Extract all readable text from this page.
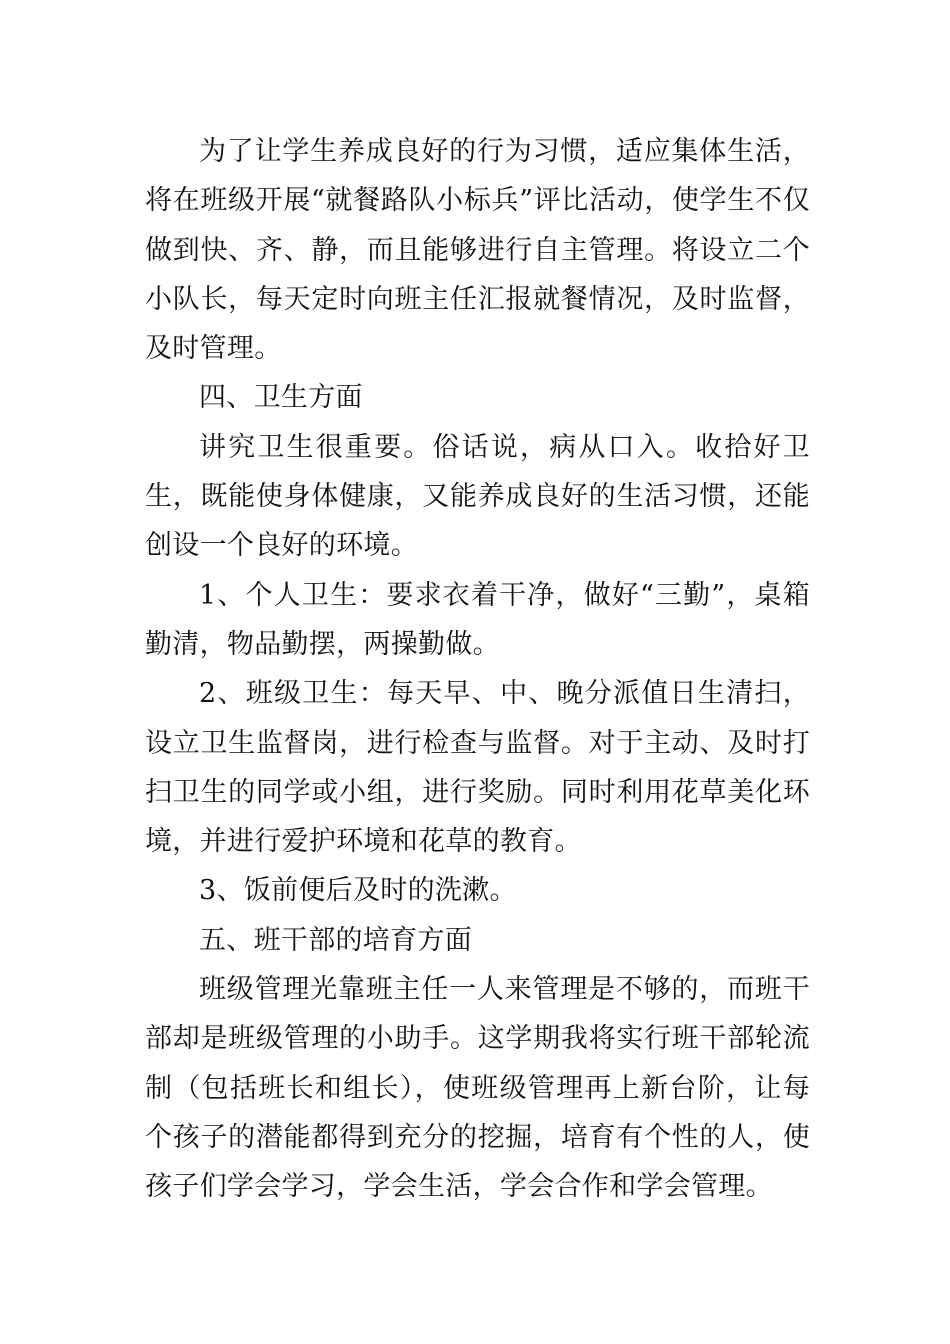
为了让学生养成良好的行为习惯，适应集体生活，将在班级开展“就餐路队小标兵”评比活动，使学生不仅做到快、齐、静，而且能够进行自主管理。将设立二个小队长，每天定时向班主任汇报就餐情况，及时监督，及时管理。

四、卫生方面

讲究卫生很重要。俗话说，病从口入。收拾好卫生，既能使身体健康，又能养成良好的生活习惯，还能创设一个良好的环境。

1、个人卫生：要求衣着干净，做好“三勤”，桌箱勤清，物品勤摆，两操勤做。

2、班级卫生：每天早、中、晚分派值日生清扫，设立卫生监督岗，进行检查与监督。对于主动、及时打扫卫生的同学或小组，进行奖励。同时利用花草美化环境，并进行爱护环境和花草的教育。

3、饭前便后及时的洗漱。

五、班干部的培育方面

班级管理光靠班主任一人来管理是不够的，而班干部却是班级管理的小助手。这学期我将实行班干部轮流制（包括班长和组长），使班级管理再上新台阶，让每个孩子的潜能都得到充分的挖掘，培育有个性的人，使孩子们学会学习，学会生活，学会合作和学会管理。
